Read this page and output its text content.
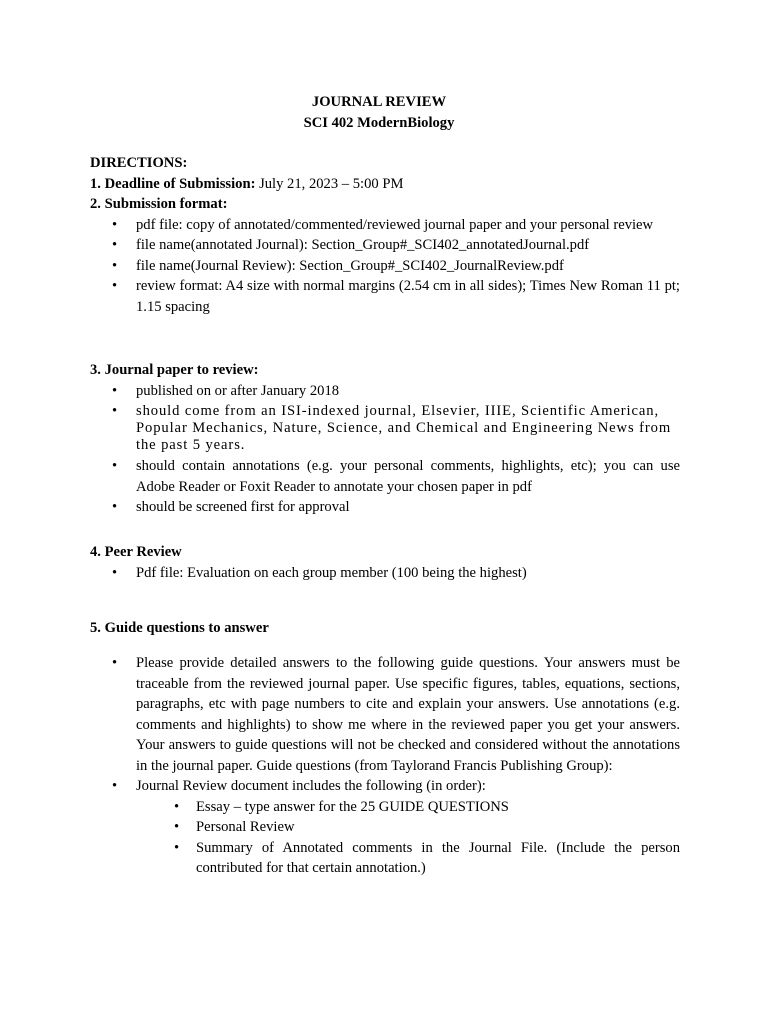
JOURNAL REVIEW
SCI 402 ModernBiology
DIRECTIONS:
1. Deadline of Submission: July 21, 2023 – 5:00 PM
2. Submission format:
• pdf file: copy of annotated/commented/reviewed journal paper and your personal review
• file name(annotated Journal): Section_Group#_SCI402_annotatedJournal.pdf
• file name(Journal Review): Section_Group#_SCI402_JournalReview.pdf
• review format: A4 size with normal margins (2.54 cm in all sides); Times New Roman 11 pt; 1.15 spacing
3. Journal paper to review:
• published on or after January 2018
• should come from an ISI-indexed journal, Elsevier, IIIE, Scientific American, Popular Mechanics, Nature, Science, and Chemical and Engineering News from the past 5 years.
• should contain annotations (e.g. your personal comments, highlights, etc); you can use Adobe Reader or Foxit Reader to annotate your chosen paper in pdf
• should be screened first for approval
4. Peer Review
• Pdf file: Evaluation on each group member (100 being the highest)
5. Guide questions to answer
• Please provide detailed answers to the following guide questions. Your answers must be traceable from the reviewed journal paper. Use specific figures, tables, equations, sections, paragraphs, etc with page numbers to cite and explain your answers. Use annotations (e.g. comments and highlights) to show me where in the reviewed paper you get your answers. Your answers to guide questions will not be checked and considered without the annotations in the journal paper. Guide questions (from Taylorand Francis Publishing Group):
• Journal Review document includes the following (in order):
• Essay – type answer for the 25 GUIDE QUESTIONS
• Personal Review
• Summary of Annotated comments in the Journal File. (Include the person contributed for that certain annotation.)
